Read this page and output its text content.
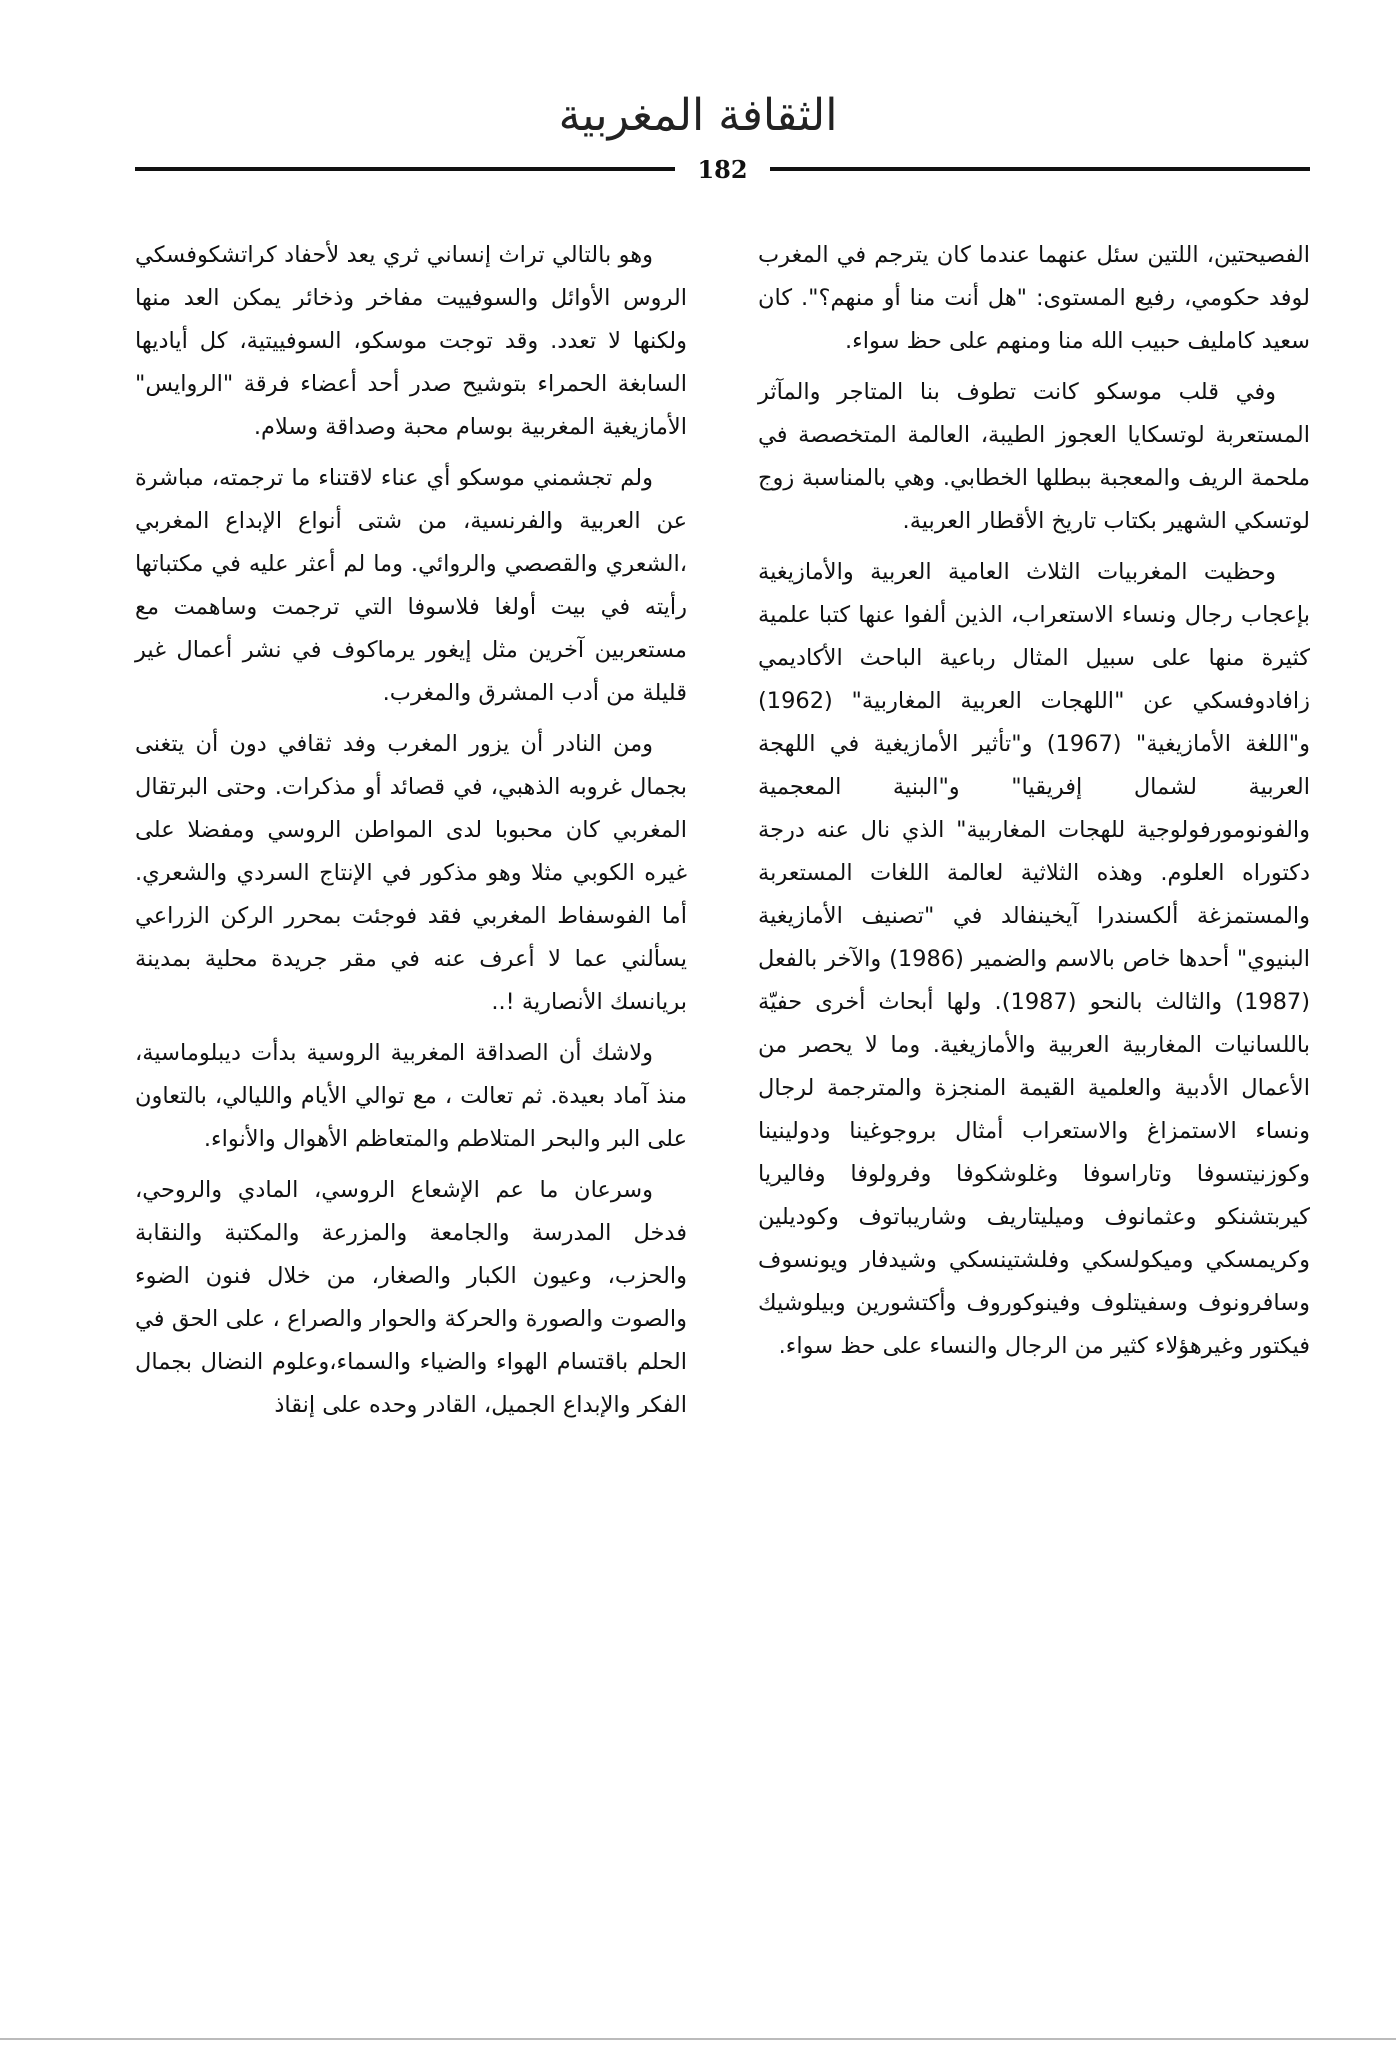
الثقافة المغربية
182

الفصيحتين، اللتين سئل عنهما عندما كان يترجم في المغرب لوفد حكومي، رفيع المستوى: "هل أنت منا أو منهم؟". كان سعيد كامليف حبيب الله منا ومنهم على حظ سواء.

وفي قلب موسكو كانت تطوف بنا المتاجر والمآثر المستعربة لوتسكايا العجوز الطيبة، العالمة المتخصصة في ملحمة الريف والمعجبة ببطلها الخطابي. وهي بالمناسبة زوج لوتسكي الشهير بكتاب تاريخ الأقطار العربية.

وحظيت المغربيات الثلاث العامية العربية والأمازيغية بإعجاب رجال ونساء الاستعراب، الذين ألفوا عنها كتبا علمية كثيرة منها على سبيل المثال رباعية الباحث الأكاديمي زافادوفسكي عن "اللهجات العربية المغاربية" (1962) و"اللغة الأمازيغية" (1967) و"تأثير الأمازيغية في اللهجة العربية لشمال إفريقيا" و"البنية المعجمية والفونومورفولوجية للهجات المغاربية" الذي نال عنه درجة دكتوراه العلوم. وهذه الثلاثية لعالمة اللغات المستعربة والمستمزغة ألكسندرا آيخينفالد في "تصنيف الأمازيغية البنيوي" أحدها خاص بالاسم والضمير (1986) والآخر بالفعل (1987) والثالث بالنحو (1987). ولها أبحاث أخرى حفيّة باللسانيات المغاربية العربية والأمازيغية. وما لا يحصر من الأعمال الأدبية والعلمية القيمة المنجزة والمترجمة لرجال ونساء الاستمزاغ والاستعراب أمثال بروجوغينا ودولينينا وكوزنيتسوفا وتاراسوفا وغلوشكوفا وفرولوفا وفاليريا كيربتشنكو وعثمانوف وميليتاريف وشاريباتوف وكوديلين وكريمسكي وميكولسكي وفلشتينسكي وشيدفار ويونسوف وسافرونوف وسفيتلوف وفينوكوروف وأكتشورين وبيلوشيك فيكتور وغيرهؤلاء كثير من الرجال والنساء على حظ سواء.

وهو بالتالي تراث إنساني ثري يعد لأحفاد كراتشكوفسكي الروس الأوائل والسوفييت مفاخر وذخائر يمكن العد منها ولكنها لا تعدد. وقد توجت موسكو، السوفييتية، كل أياديها السابغة الحمراء بتوشيح صدر أحد أعضاء فرقة "الروايس" الأمازيغية المغربية بوسام محبة وصداقة وسلام.

ولم تجشمني موسكو أي عناء لاقتناء ما ترجمته، مباشرة عن العربية والفرنسية، من شتى أنواع الإبداع المغربي ،الشعري والقصصي والروائي. وما لم أعثر عليه في مكتباتها رأيته في بيت أولغا فلاسوفا التي ترجمت وساهمت مع مستعربين آخرين مثل إيغور يرماكوف في نشر أعمال غير قليلة من أدب المشرق والمغرب.

ومن النادر أن يزور المغرب وفد ثقافي دون أن يتغنى بجمال غروبه الذهبي، في قصائد أو مذكرات. وحتى البرتقال المغربي كان محبوبا لدى المواطن الروسي ومفضلا على غيره الكوبي مثلا وهو مذكور في الإنتاج السردي والشعري. أما الفوسفاط المغربي فقد فوجئت بمحرر الركن الزراعي يسألني عما لا أعرف عنه في مقر جريدة محلية بمدينة بريانسك الأنصارية !..

ولاشك أن الصداقة المغربية الروسية بدأت ديبلوماسية، منذ آماد بعيدة. ثم تعالت ، مع توالي الأيام والليالي، بالتعاون على البر والبحر المتلاطم والمتعاظم الأهوال والأنواء.

وسرعان ما عم الإشعاع الروسي، المادي والروحي، فدخل المدرسة والجامعة والمزرعة والمكتبة والنقابة والحزب، وعيون الكبار والصغار، من خلال فنون الضوء والصوت والصورة والحركة والحوار والصراع ، على الحق في الحلم باقتسام الهواء والضياء والسماء،وعلوم النضال بجمال الفكر والإبداع الجميل، القادر وحده على إنقاذ
